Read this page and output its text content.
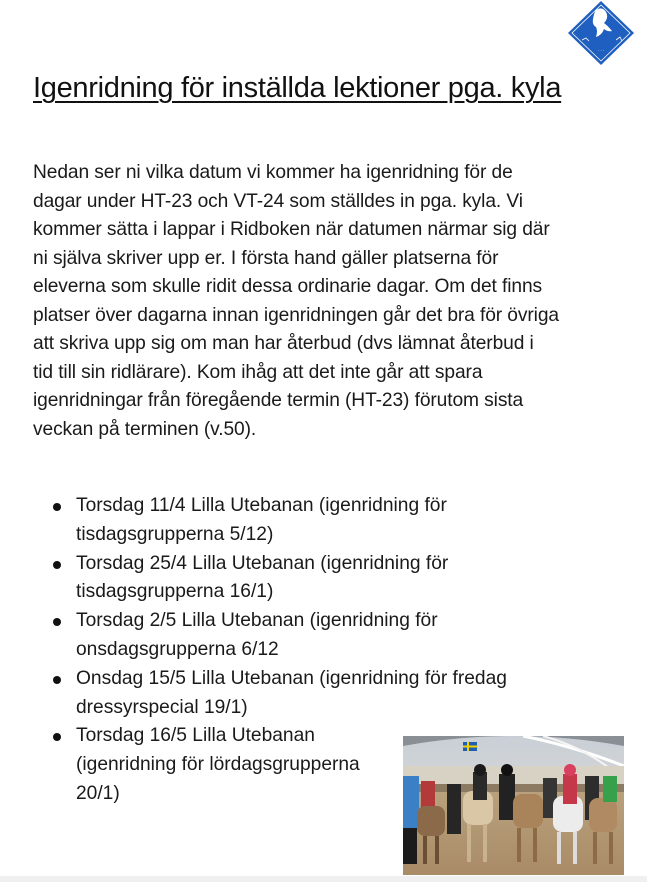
· · ·
Igenridning för inställda lektioner pga. kyla

Nedan ser ni vilka datum vi kommer ha igenridning för de
dagar under HT-23 och VT-24 som ställdes in pga. kyla. Vi
kommer sätta i lappar i Ridboken när datumen närmar sig där
ni själva skriver upp er. I första hand gäller platserna för
eleverna som skulle ridit dessa ordinarie dagar. Om det finns
platser över dagarna innan igenridningen går det bra för övriga
att skriva upp sig om man har återbud (dvs lämnat återbud i
tid till sin ridlärare). Kom ihåg att det inte går att spara
igenridningar från föregående termin (HT-23) förutom sista
veckan på terminen (v.50).

Torsdag 11/4 Lilla Utebanan (igenridning för
tisdagsgrupperna 5/12)
Torsdag 25/4 Lilla Utebanan (igenridning för
tisdagsgrupperna 16/1)
Torsdag 2/5 Lilla Utebanan (igenridning för
onsdagsgrupperna 6/12
Onsdag 15/5 Lilla Utebanan (igenridning för fredag
dressyrspecial 19/1)
Torsdag 16/5 Lilla Utebanan
(igenridning för lördagsgrupperna
20/1)
